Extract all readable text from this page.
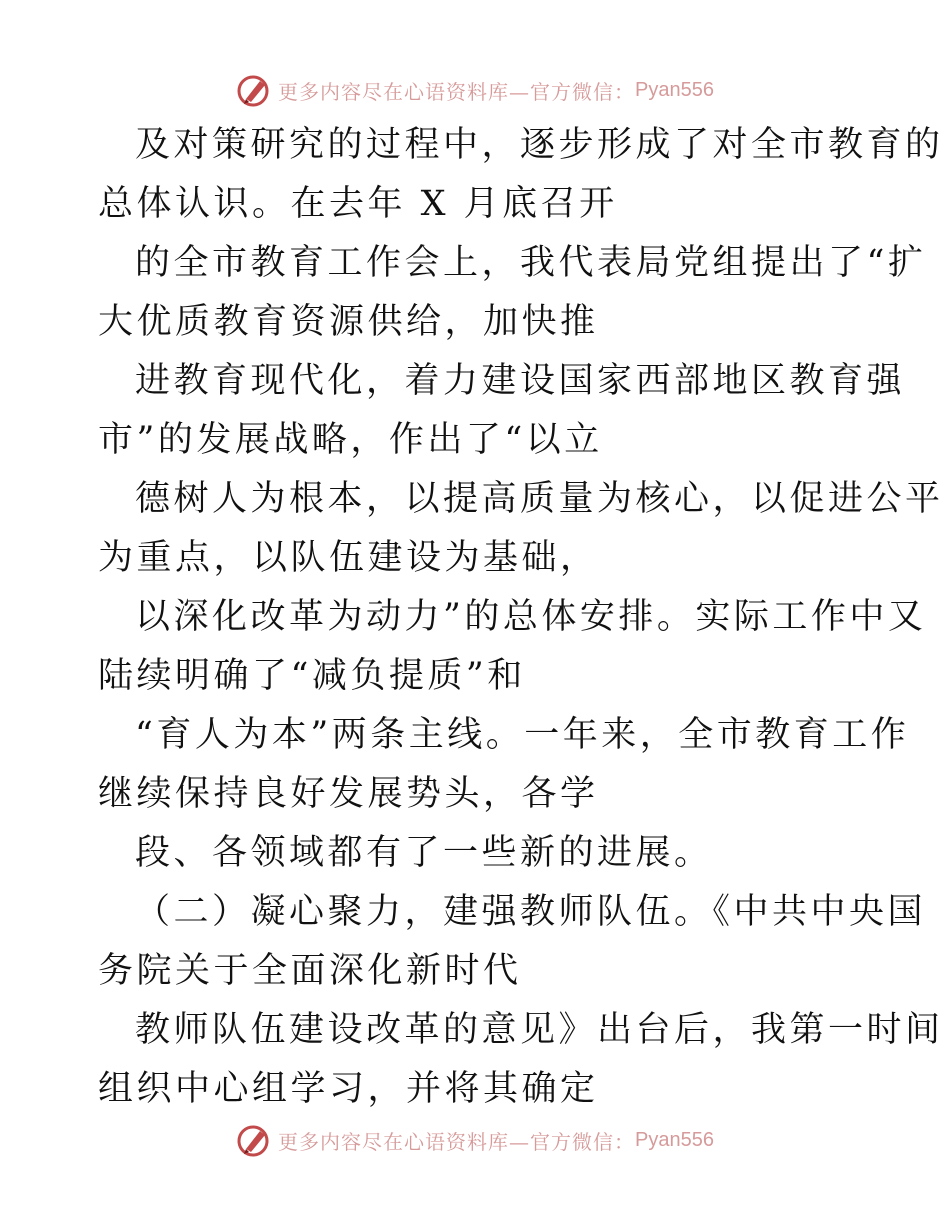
更多内容尽在心语资料库— 官方微信： Pyan556
及对策研究的过程中，逐步形成了对全市教育的
总体认识。在去年 X 月底召开
的全市教育工作会上，我代表局党组提出了“扩
大优质教育资源供给，加快推
进教育现代化，着力建设国家西部地区教育强
市”的发展战略，作出了“以立
德树人为根本，以提高质量为核心，以促进公平
为重点，以队伍建设为基础，
以深化改革为动力”的总体安排。实际工作中又
陆续明确了“减负提质”和
“育人为本”两条主线。一年来，全市教育工作
继续保持良好发展势头，各学
段、各领域都有了一些新的进展。
（二）凝心聚力，建强教师队伍。《中共中央国
务院关于全面深化新时代
教师队伍建设改革的意见》出台后，我第一时间
组织中心组学习，并将其确定
更多内容尽在心语资料库— 官方微信： Pyan556
